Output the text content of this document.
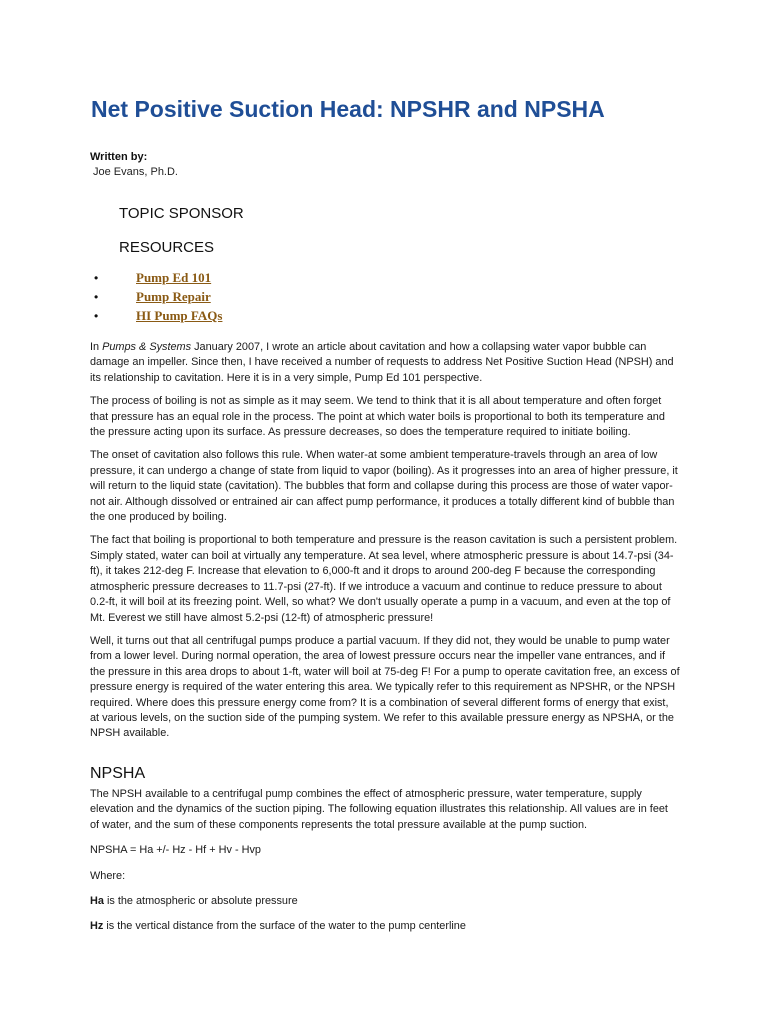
Net Positive Suction Head: NPSHR and NPSHA
Written by:
Joe Evans, Ph.D.
TOPIC SPONSOR
RESOURCES
•	Pump Ed 101
•	Pump Repair
•	HI Pump FAQs

In Pumps & Systems January 2007, I wrote an article about cavitation and how a collapsing water vapor bubble can damage an impeller. Since then, I have received a number of requests to address Net Positive Suction Head (NPSH) and its relationship to cavitation. Here it is in a very simple, Pump Ed 101 perspective.

The process of boiling is not as simple as it may seem. We tend to think that it is all about temperature and often forget that pressure has an equal role in the process. The point at which water boils is proportional to both its temperature and the pressure acting upon its surface. As pressure decreases, so does the temperature required to initiate boiling.

The onset of cavitation also follows this rule. When water-at some ambient temperature-travels through an area of low pressure, it can undergo a change of state from liquid to vapor (boiling). As it progresses into an area of higher pressure, it will return to the liquid state (cavitation). The bubbles that form and collapse during this process are those of water vapor-not air. Although dissolved or entrained air can affect pump performance, it produces a totally different kind of bubble than the one produced by boiling.

The fact that boiling is proportional to both temperature and pressure is the reason cavitation is such a persistent problem. Simply stated, water can boil at virtually any temperature. At sea level, where atmospheric pressure is about 14.7-psi (34-ft), it takes 212-deg F. Increase that elevation to 6,000-ft and it drops to around 200-deg F because the corresponding atmospheric pressure decreases to 11.7-psi (27-ft). If we introduce a vacuum and continue to reduce pressure to about 0.2-ft, it will boil at its freezing point. Well, so what? We don't usually operate a pump in a vacuum, and even at the top of Mt. Everest we still have almost 5.2-psi (12-ft) of atmospheric pressure!

Well, it turns out that all centrifugal pumps produce a partial vacuum. If they did not, they would be unable to pump water from a lower level. During normal operation, the area of lowest pressure occurs near the impeller vane entrances, and if the pressure in this area drops to about 1-ft, water will boil at 75-deg F! For a pump to operate cavitation free, an excess of pressure energy is required of the water entering this area. We typically refer to this requirement as NPSHR, or the NPSH required. Where does this pressure energy come from? It is a combination of several different forms of energy that exist, at various levels, on the suction side of the pumping system. We refer to this available pressure energy as NPSHA, or the NPSH available.

NPSHA

The NPSH available to a centrifugal pump combines the effect of atmospheric pressure, water temperature, supply elevation and the dynamics of the suction piping. The following equation illustrates this relationship. All values are in feet of water, and the sum of these components represents the total pressure available at the pump suction.

NPSHA = Ha +/- Hz - Hf + Hv - Hvp

Where:

Ha is the atmospheric or absolute pressure

Hz is the vertical distance from the surface of the water to the pump centerline
